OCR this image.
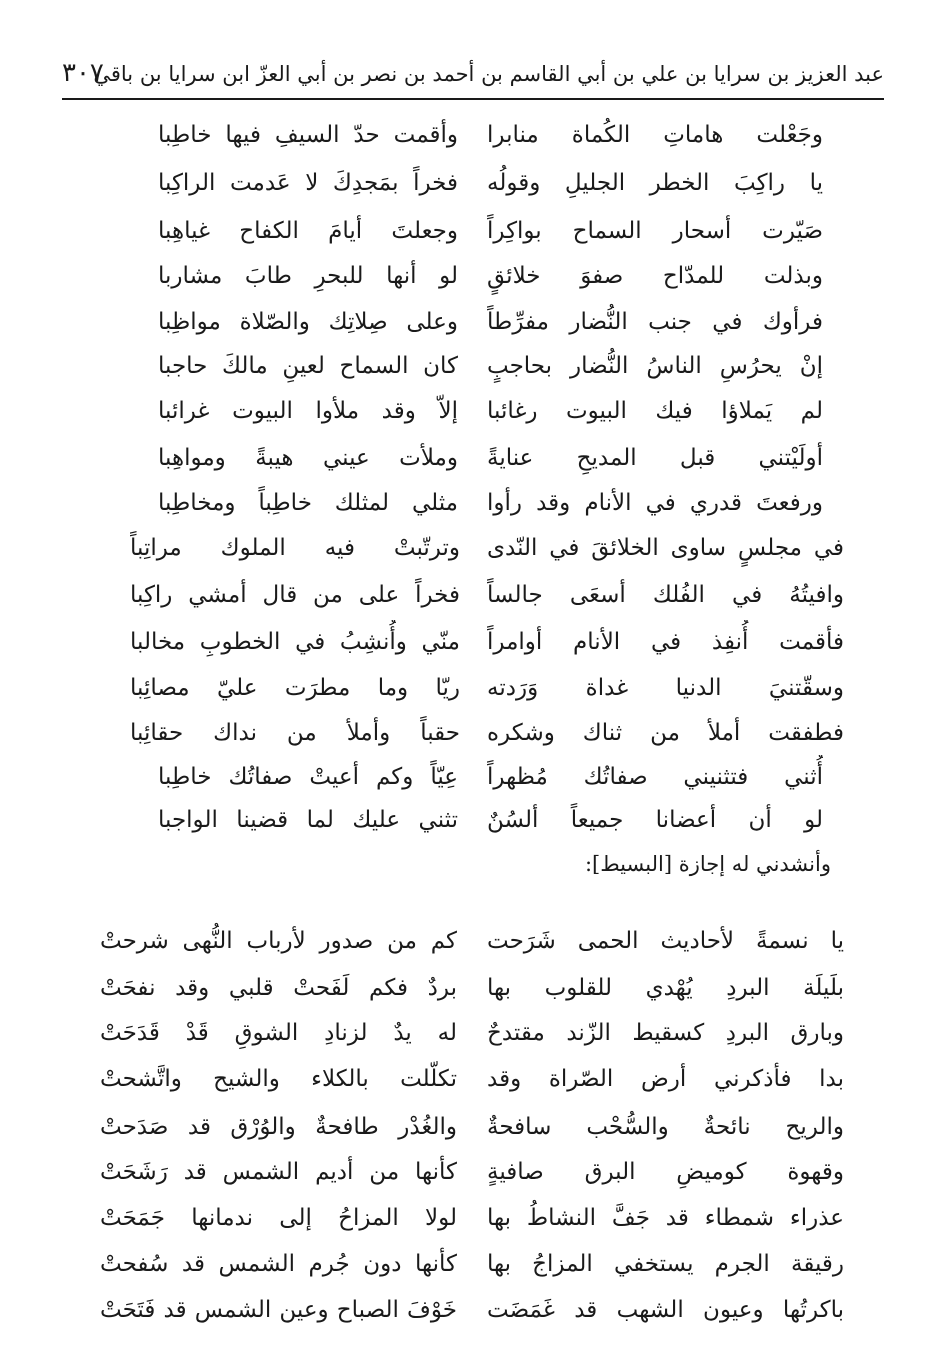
٣٠٧
عبد العزيز بن سرايا بن علي بن أبي القاسم بن أحمد بن نصر بن أبي العزّ ابن سرايا بن باقي
وجَعْلت هاماتِ الكُماة منابرا
وأقمت حدّ السيفِ فيها خاطِبا
يا راكِبَ الخطر الجليلِ وقولُه
فخراً بمَجدِكَ لا عَدمت الراكِبا
صَيّرت أسحار السماح بواكِراً
وجعلتَ أيامَ الكفاح غياهِبا
وبذلت للمدّاح صفوَ خلائقٍ
لو أنها للبحرِ طابَ مشاربا
فرأوك في جنب النُّضار مفرِّطاً
وعلى صِلاتِك والصّلاة مواظِبا
إنْ يحرُسِ الناسُ النُّضار بحاجبٍ
كان السماح لعينِ مالكَ حاجبا
لم يَملاؤا فيك البيوت رغائبا
إلاّ وقد ملأوا البيوت غرائبا
أولَيْتني قبل المديحِ عنايةً
وملأت عيني هيبةً ومواهِبا
ورفعتَ قدري في الأنام وقد رأوا
مثلي لمثلك خاطِباً ومخاطِبا
في مجلسٍ ساوى الخلائقَ في النّدى
وترتّبتْ فيه الملوك مراتِباً
وافيتُهُ في الفُلك أسعَى جالساً
فخراً على من قال أمشي راكِبا
فأقمت أُنفِذ في الأنام أوامراً
منّي وأُنشِبُ في الخطوبِ مخالبا
وسقّتنيَ الدنيا غداة وَرَدته
ريّا وما مطرَت عليّ مصائِبا
فطفقت أملأ من ثناك وشكره
حقباً وأملأ من نداك حقائِبا
أُثني فتثنيني صفاتُك مُظهراً
عِيّاً وكم أعيتْ صفاتُك خاطِبا
لو أن أعضانا جميعاً ألسُنٌ
تثني عليك لما قضينا الواجبا
وأنشدني له إجازة [البسيط]:
يا نسمةً لأحاديث الحمى شَرَحت
كم من صدور لأرباب النُّهى شرحتْ
بلَيلَة البردِ يُهْدي للقلوب بها
بردٌ فكم لَفَحتْ قلبي وقد نفحَتْ
وبارق البردِ كسقيط الزّند مقتدحٌ
له يدٌ لزنادِ الشوقِ قَدْ قَدَحَتْ
بدا فأذكرني أرض الصّراة وقد
تكلّلت بالكلاء والشيح واتَّشحتْ
والريح نائحةٌ والسُّحْب سافحةٌ
والغُدْر طافحةٌ والوُرْق قد صَدَحتْ
وقهوة كوميضِ البرق صافيةٍ
كأنها من أديم الشمس قد رَشَحَتْ
عذراء شمطاء قد جَفَّ النشاطُ بها
لولا المزاحُ إلى ندمانها جَمَحَتْ
رقيقة الجرم يستخفي المزاجُ بها
كأنها دون جُرم الشمس قد سُفحتْ
باكرتُها وعيون الشهب قد غَمَضَت
خَوْفَ الصباح وعين الشمس قد فَتَحَتْ
